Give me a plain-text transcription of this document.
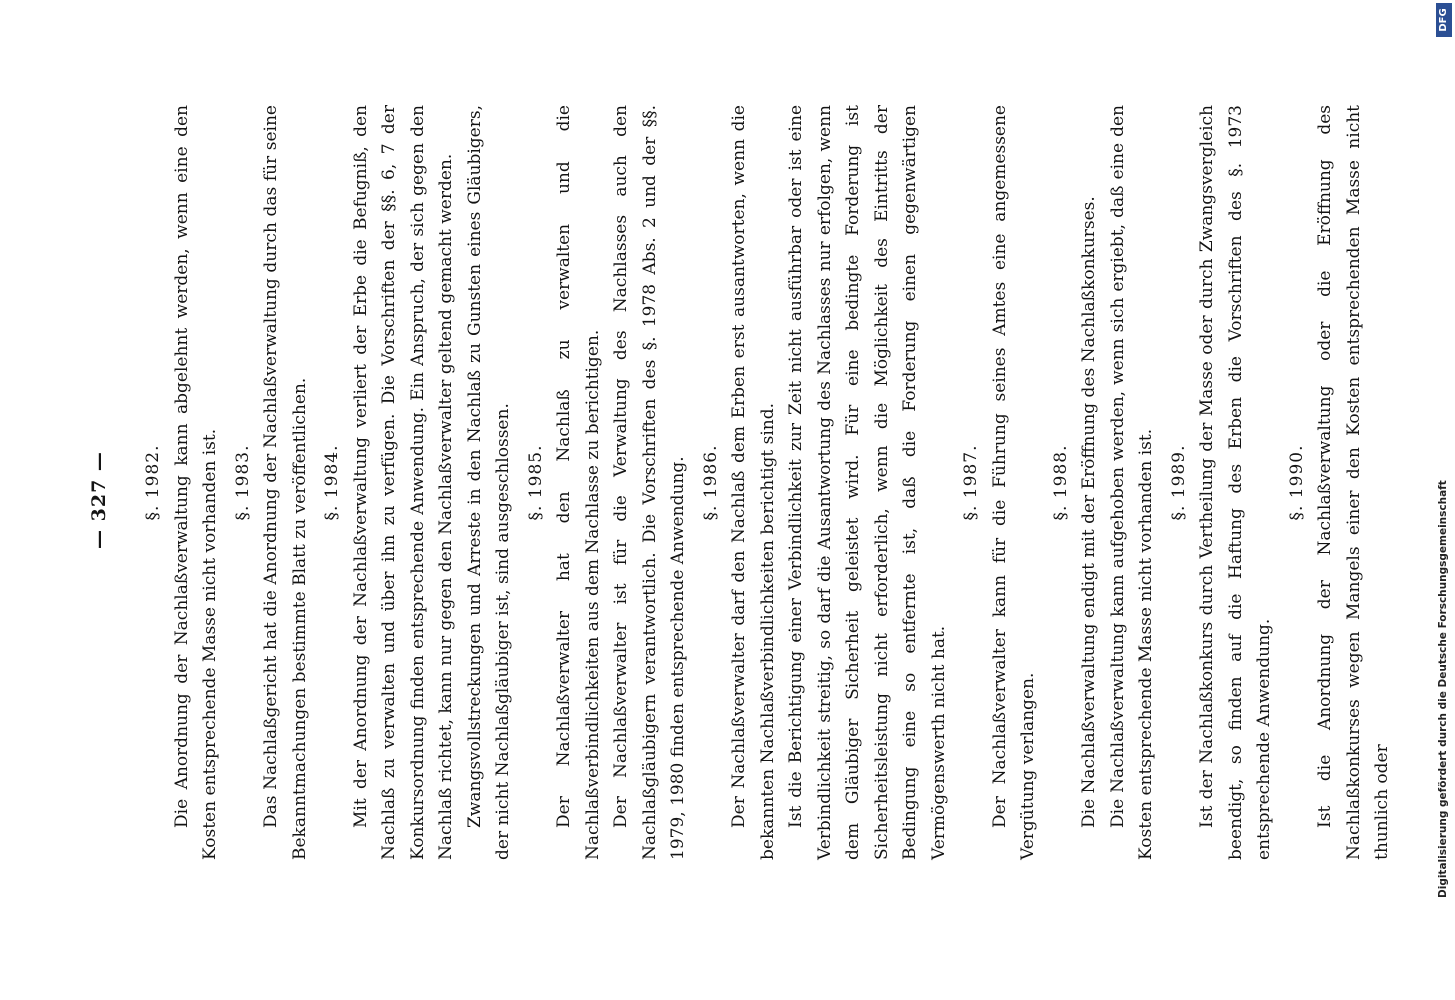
— 327 — §. 1982. Die Anordnung der Nachlaßverwaltung kann abgelehnt werden, wenn eine den Kosten entsprechende Masse nicht vorhanden ist. §. 1983. Das Nachlaßgericht hat die Anordnung der Nachlaßverwaltung durch das für seine Bekanntmachungen bestimmte Blatt zu veröffentlichen. §. 1984. Mit der Anordnung der Nachlaßverwaltung verliert der Erbe die Befugniß, den Nachlaß zu verwalten und über ihn zu verfügen. Die Vorschriften der §§. 6, 7 der Konkursordnung finden entsprechende Anwendung. Ein Anspruch, der sich gegen den Nachlaß richtet, kann nur gegen den Nachlaßverwalter geltend gemacht werden. Zwangsvollstreckungen und Arreste in den Nachlaß zu Gunsten eines Gläubigers, der nicht Nachlaßgläubiger ist, sind ausgeschlossen. §. 1985. Der Nachlaßverwalter hat den Nachlaß zu verwalten und die Nachlaßverbindlichkeiten aus dem Nachlasse zu berichtigen. Der Nachlaßverwalter ist für die Verwaltung des Nachlasses auch den Nachlaßgläubigern verantwortlich. Die Vorschriften des §. 1978 Abs. 2 und der §§. 1979, 1980 finden entsprechende Anwendung. §. 1986. Der Nachlaßverwalter darf den Nachlaß dem Erben erst ausantworten, wenn die bekannten Nachlaßverbindlichkeiten berichtigt sind. Ist die Berichtigung einer Verbindlichkeit zur Zeit nicht ausführbar oder ist eine Verbindlichkeit streitig, so darf die Ausantwortung des Nachlasses nur erfolgen, wenn dem Gläubiger Sicherheit geleistet wird. Für eine bedingte Forderung ist Sicherheitsleistung nicht erforderlich, wenn die Möglichkeit des Eintritts der Bedingung eine so entfernte ist, daß die Forderung einen gegenwärtigen Vermögenswerth nicht hat.

§. 1987. Der Nachlaßverwalter kann für die Führung seines Amtes eine angemessene Vergütung verlangen.

§. 1988. Die Nachlaßverwaltung endigt mit der Eröffnung des Nachlaßkonkurses. Die Nachlaßverwaltung kann aufgehoben werden, wenn sich ergiebt, daß eine den Kosten entsprechende Masse nicht vorhanden ist. §. 1989. Ist der Nachlaßkonkurs durch Vertheilung der Masse oder durch Zwangsvergleich beendigt, so finden auf die Haftung des Erben die Vorschriften des §. 1973 entsprechende Anwendung.

§. 1990. Ist die Anordnung der Nachlaßverwaltung oder die Eröffnung des Nachlaßkonkurses wegen Mangels einer den Kosten entsprechenden Masse nicht thunlich oder	Digitalisierung gefördert durch die Deutsche Forschungsgemeinschaft
DFG
